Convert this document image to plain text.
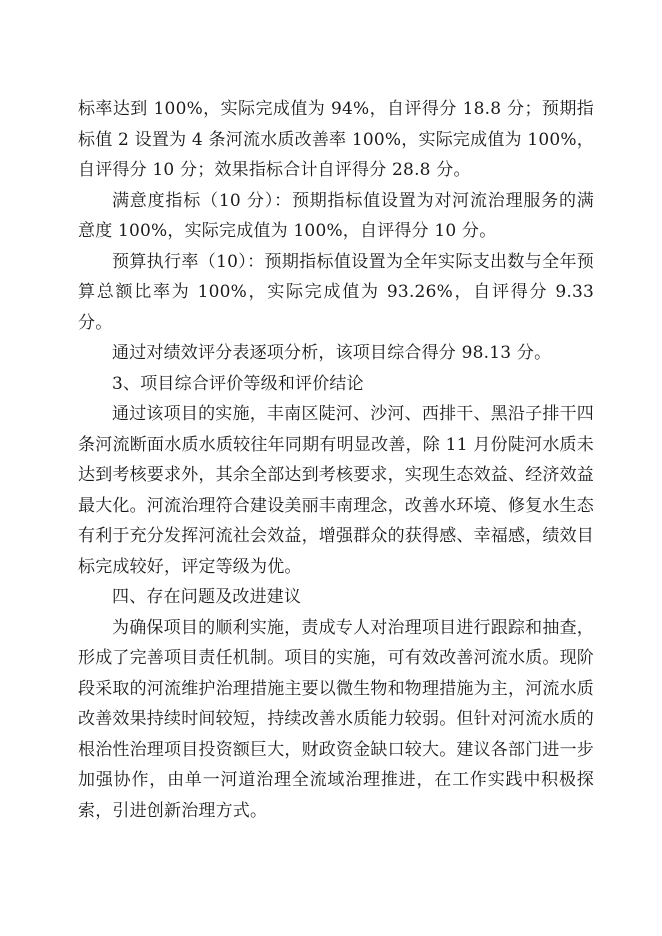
标率达到 100%，实际完成值为 94%，自评得分 18.8 分；预期指标值 2 设置为 4 条河流水质改善率 100%，实际完成值为 100%，自评得分 10 分；效果指标合计自评得分 28.8 分。

满意度指标（10 分）：预期指标值设置为对河流治理服务的满意度 100%，实际完成值为 100%，自评得分 10 分。

预算执行率（10）：预期指标值设置为全年实际支出数与全年预算总额比率为 100%，实际完成值为 93.26%，自评得分 9.33 分。

通过对绩效评分表逐项分析，该项目综合得分 98.13 分。

3、项目综合评价等级和评价结论

通过该项目的实施，丰南区陡河、沙河、西排干、黑沿子排干四条河流断面水质水质较往年同期有明显改善，除 11 月份陡河水质未达到考核要求外，其余全部达到考核要求，实现生态效益、经济效益最大化。河流治理符合建设美丽丰南理念，改善水环境、修复水生态有利于充分发挥河流社会效益，增强群众的获得感、幸福感，绩效目标完成较好，评定等级为优。

四、存在问题及改进建议

为确保项目的顺利实施，责成专人对治理项目进行跟踪和抽查，形成了完善项目责任机制。项目的实施，可有效改善河流水质。现阶段采取的河流维护治理措施主要以微生物和物理措施为主，河流水质改善效果持续时间较短，持续改善水质能力较弱。但针对河流水质的根治性治理项目投资额巨大，财政资金缺口较大。建议各部门进一步加强协作，由单一河道治理全流域治理推进，在工作实践中积极探索，引进创新治理方式。
